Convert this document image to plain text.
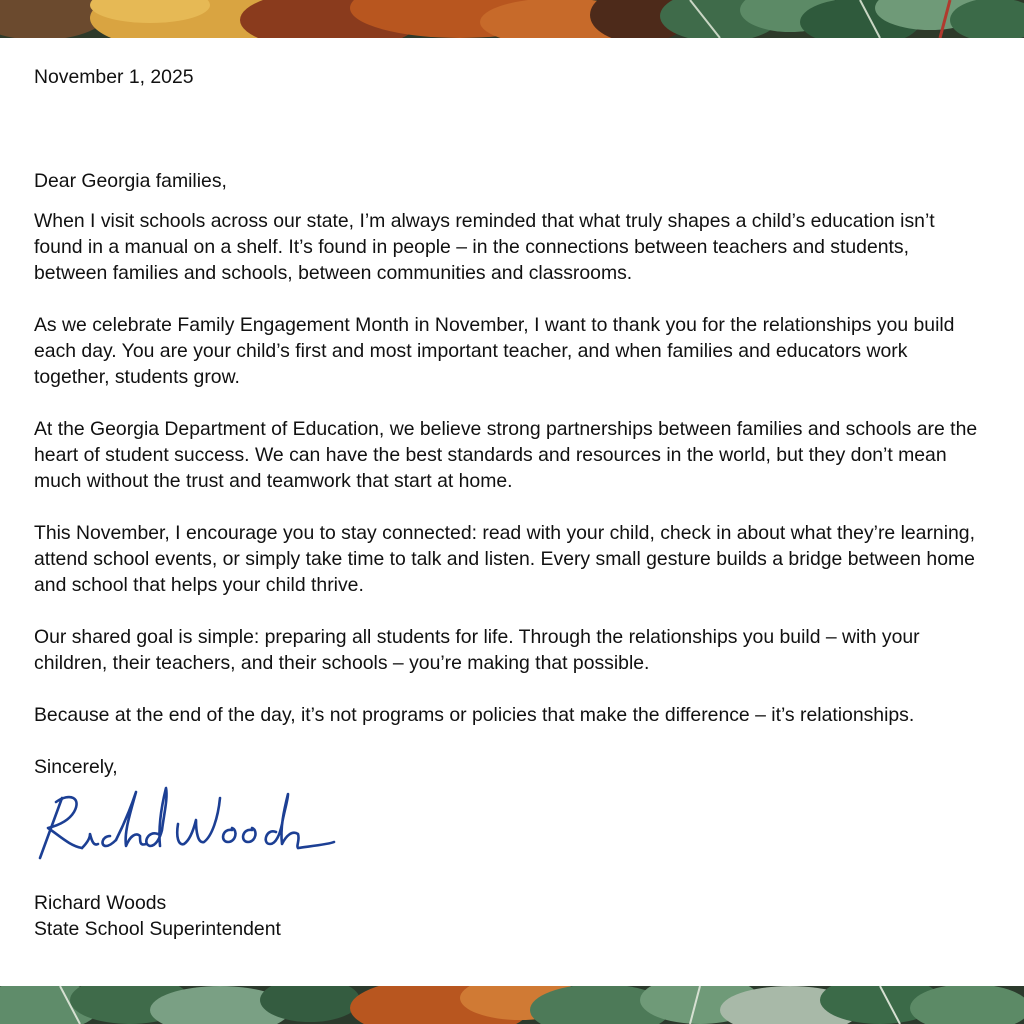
November 1, 2025

Dear Georgia families,

When I visit schools across our state, I’m always reminded that what truly shapes a child’s education isn’t found in a manual on a shelf. It’s found in people – in the connections between teachers and students, between families and schools, between communities and classrooms.

As we celebrate Family Engagement Month in November, I want to thank you for the relationships you build each day. You are your child’s first and most important teacher, and when families and educators work together, students grow.

At the Georgia Department of Education, we believe strong partnerships between families and schools are the heart of student success. We can have the best standards and resources in the world, but they don’t mean much without the trust and teamwork that start at home.

This November, I encourage you to stay connected: read with your child, check in about what they’re learning, attend school events, or simply take time to talk and listen. Every small gesture builds a bridge between home and school that helps your child thrive.

Our shared goal is simple: preparing all students for life. Through the relationships you build – with your children, their teachers, and their schools – you’re making that possible.

Because at the end of the day, it’s not programs or policies that make the difference – it’s relationships.

Sincerely,

Richard Woods

State School Superintendent
